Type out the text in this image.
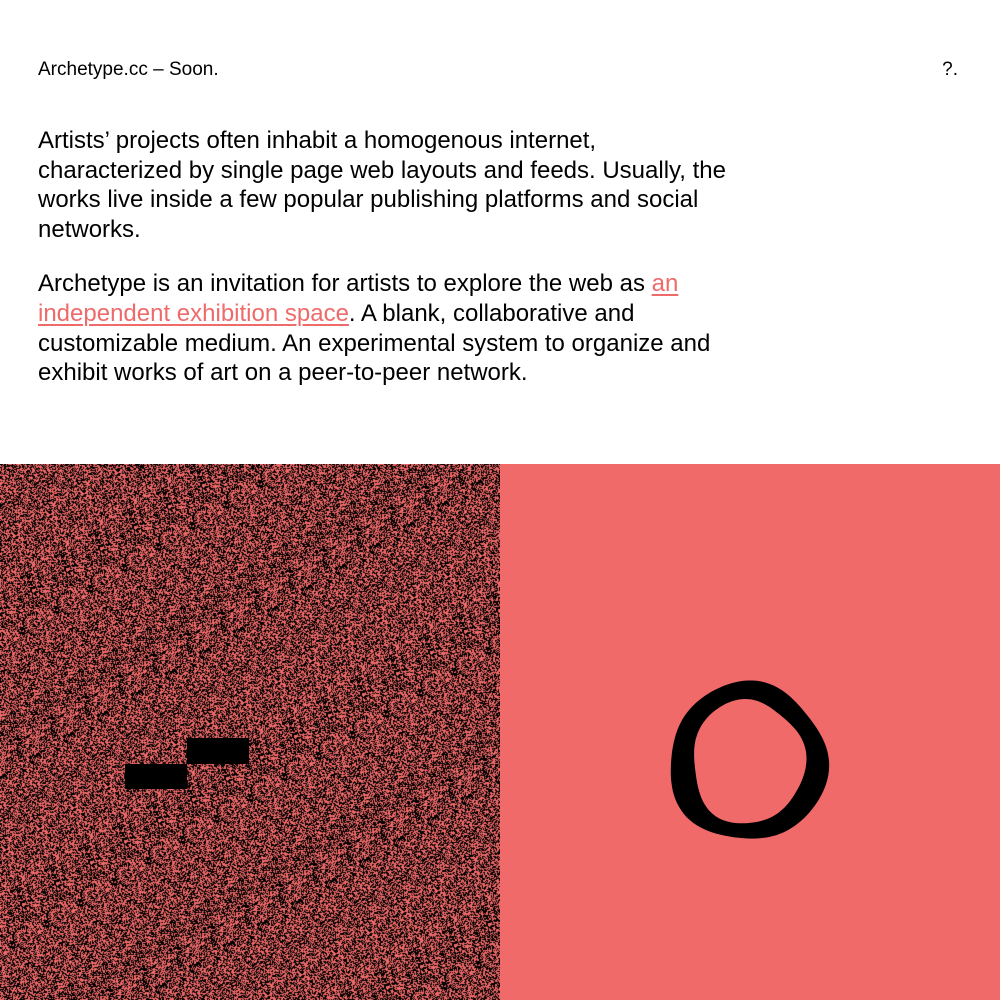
Archetype.cc – Soon.	?.

Artists’ projects often inhabit a homogenous internet, characterized by single page web layouts and feeds. Usually, the works live inside a few popular publishing platforms and social networks.

Archetype is an invitation for artists to explore the web as an independent exhibition space. A blank, collaborative and customizable medium. An experimental system to organize and exhibit works of art on a peer-to-peer network.
